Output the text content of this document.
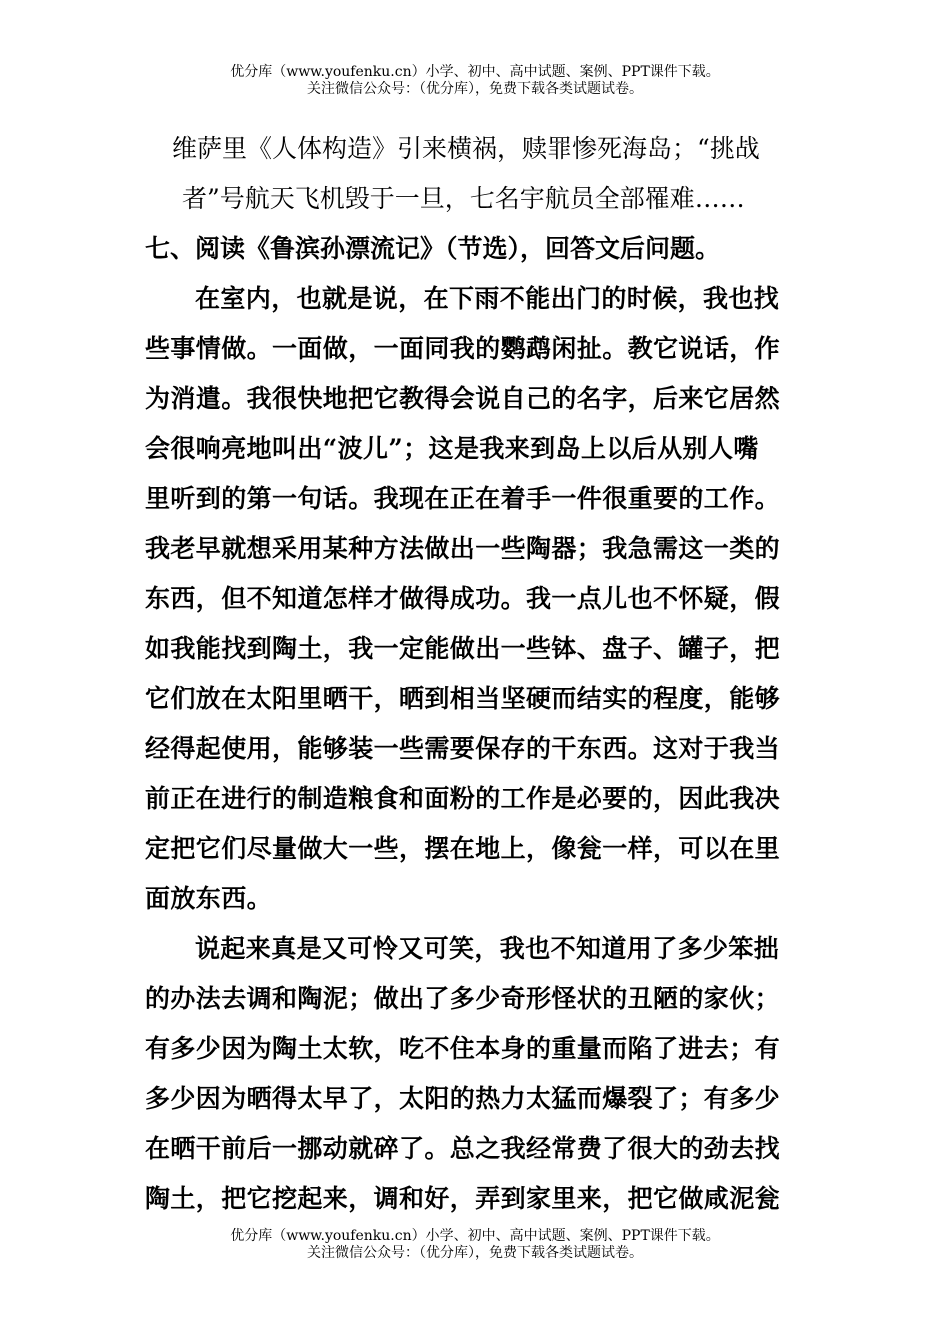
优分库（www.youfenku.cn）小学、初中、高中试题、案例、PPT课件下载。
关注微信公众号：（优分库），免费下载各类试题试卷。
维萨里《人体构造》引来横祸，赎罪惨死海岛；“挑战
者”号航天飞机毁于一旦，七名宇航员全部罹难……
七、阅读《鲁滨孙漂流记》（节选），回答文后问题。
在室内，也就是说，在下雨不能出门的时候，我也找
些事情做。一面做，一面同我的鹦鹉闲扯。教它说话，作
为消遣。我很快地把它教得会说自己的名字，后来它居然
会很响亮地叫出“波儿”；这是我来到岛上以后从别人嘴
里听到的第一句话。我现在正在着手一件很重要的工作。
我老早就想采用某种方法做出一些陶器；我急需这一类的
东西，但不知道怎样才做得成功。我一点儿也不怀疑，假
如我能找到陶土，我一定能做出一些钵、盘子、罐子，把
它们放在太阳里晒干，晒到相当坚硬而结实的程度，能够
经得起使用，能够装一些需要保存的干东西。这对于我当
前正在进行的制造粮食和面粉的工作是必要的，因此我决
定把它们尽量做大一些，摆在地上，像瓮一样，可以在里
面放东西。
说起来真是又可怜又可笑，我也不知道用了多少笨拙
的办法去调和陶泥；做出了多少奇形怪状的丑陋的家伙；
有多少因为陶土太软，吃不住本身的重量而陷了进去；有
多少因为晒得太早了，太阳的热力太猛而爆裂了；有多少
在晒干前后一挪动就碎了。总之我经常费了很大的劲去找
陶土，把它挖起来，调和好，弄到家里来，把它做咸泥瓮
优分库（www.youfenku.cn）小学、初中、高中试题、案例、PPT课件下载。
关注微信公众号：（优分库），免费下载各类试题试卷。
